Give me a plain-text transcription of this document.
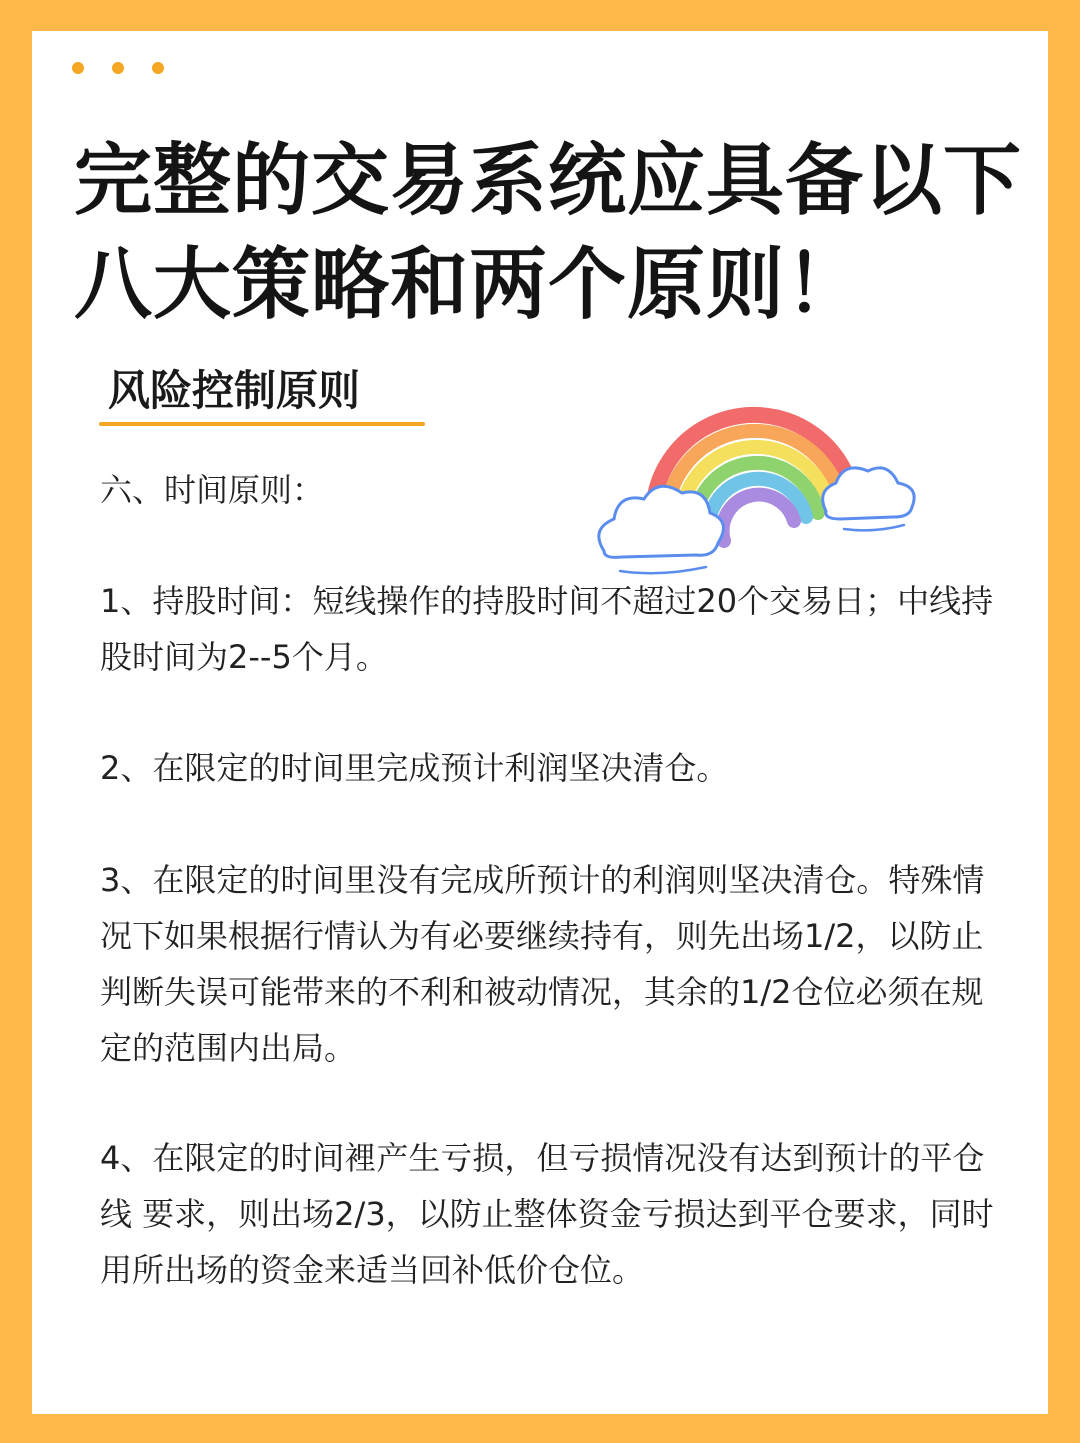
完整的交易系统应具备以下八大策略和两个原则！
风险控制原则

六、时间原则：

1、持股时间：短线操作的持股时间不超过20个交易日；中线持股时间为2--5个月。

2、在限定的时间里完成预计利润坚决清仓。

3、在限定的时间里没有完成所预计的利润则坚决清仓。特殊情况下如果根据行情认为有必要继续持有，则先出场1/2，以防止判断失误可能带来的不利和被动情况，其余的1/2仓位必须在规定的范围内出局。

4、在限定的时间裡产生亏损，但亏损情况没有达到预计的平仓线 要求，则出场2/3，以防止整体资金亏损达到平仓要求，同时用所出场的资金来适当回补低价仓位。
